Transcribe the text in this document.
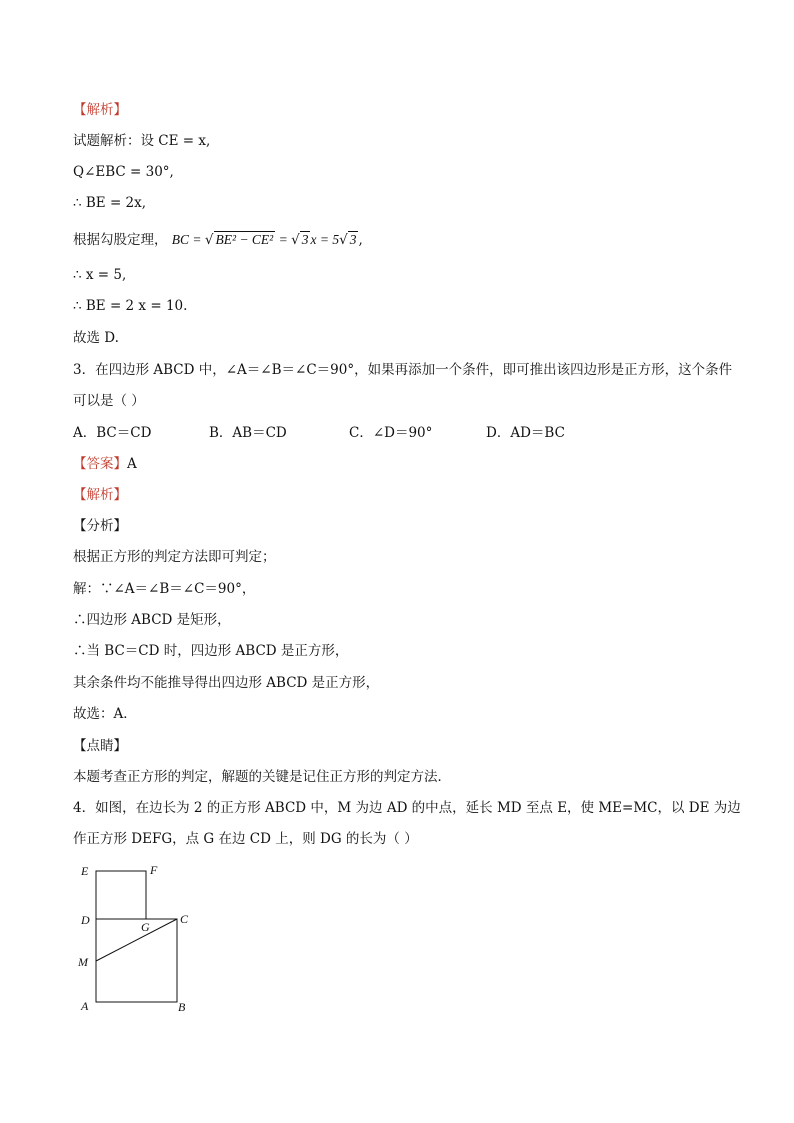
【解析】
试题解析：设 CE = x,
Q∠EBC = 30°,
∴ BE = 2x,
根据勾股定理， BC = √ BE² − CE² = √ 3 x = 5√ 3 ,
∴ x = 5,
∴ BE = 2 x = 10.
故选 D.
3．在四边形 ABCD 中，∠A＝∠B＝∠C＝90°，如果再添加一个条件，即可推出该四边形是正方形，这个条件
可以是（ ）
A．BC＝CD	B．AB＝CD	C．∠D＝90°	D．AD＝BC
【答案】A
【解析】
【分析】
根据正方形的判定方法即可判定；
解：∵∠A＝∠B＝∠C＝90°，
∴四边形 ABCD 是矩形，
∴当 BC＝CD 时，四边形 ABCD 是正方形，
其余条件均不能推导得出四边形 ABCD 是正方形，
故选：A．
【点睛】
本题考查正方形的判定，解题的关键是记住正方形的判定方法．
4．如图，在边长为 2 的正方形 ABCD 中，M 为边 AD 的中点，延长 MD 至点 E，使 ME=MC，以 DE 为边
作正方形 DEFG，点 G 在边 CD 上，则 DG 的长为（ ）
E	F
D	G
C
M
A	B
